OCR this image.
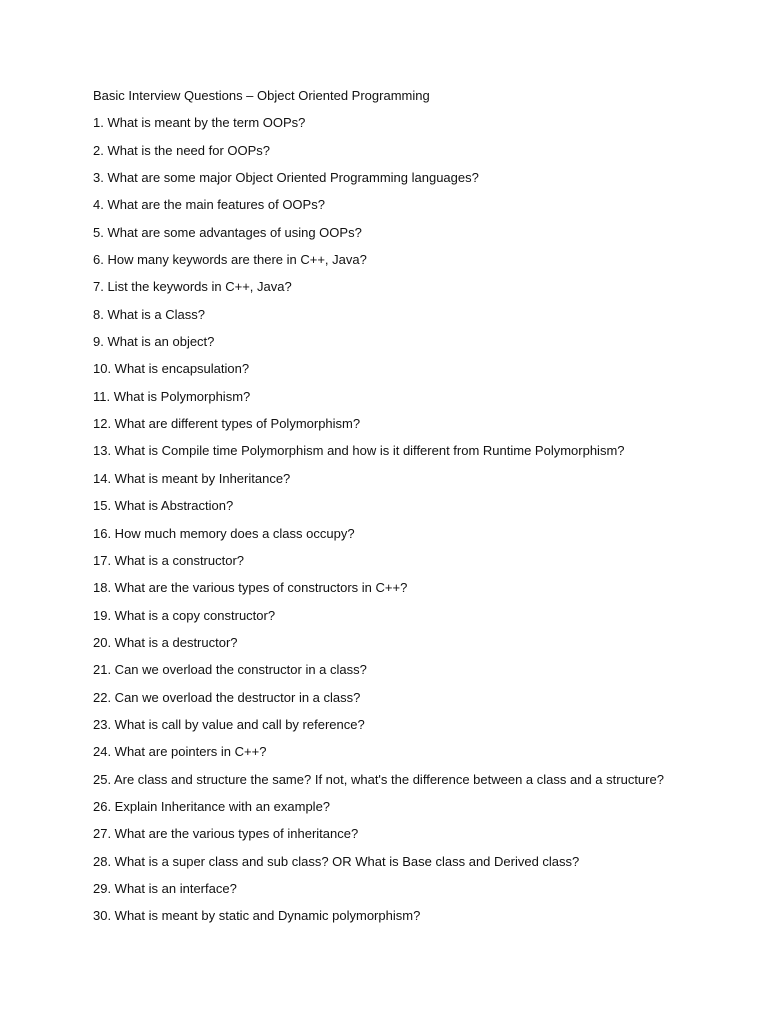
Basic Interview Questions – Object Oriented Programming
1. What is meant by the term OOPs?
2. What is the need for OOPs?
3. What are some major Object Oriented Programming languages?
4. What are the main features of OOPs?
5. What are some advantages of using OOPs?
6. How many keywords are there in C++, Java?
7. List the keywords in C++, Java?
8. What is a Class?
9. What is an object?
10. What is encapsulation?
11. What is Polymorphism?
12. What are different types of Polymorphism?
13. What is Compile time Polymorphism and how is it different from Runtime Polymorphism?
14. What is meant by Inheritance?
15. What is Abstraction?
16. How much memory does a class occupy?
17. What is a constructor?
18. What are the various types of constructors in C++?
19. What is a copy constructor?
20. What is a destructor?
21. Can we overload the constructor in a class?
22. Can we overload the destructor in a class?
23. What is call by value and call by reference?
24. What are pointers in C++?
25. Are class and structure the same? If not, what's the difference between a class and a structure?
26. Explain Inheritance with an example?
27. What are the various types of inheritance?
28. What is a super class and sub class? OR What is Base class and Derived class?
29. What is an interface?
30. What is meant by static and Dynamic polymorphism?
